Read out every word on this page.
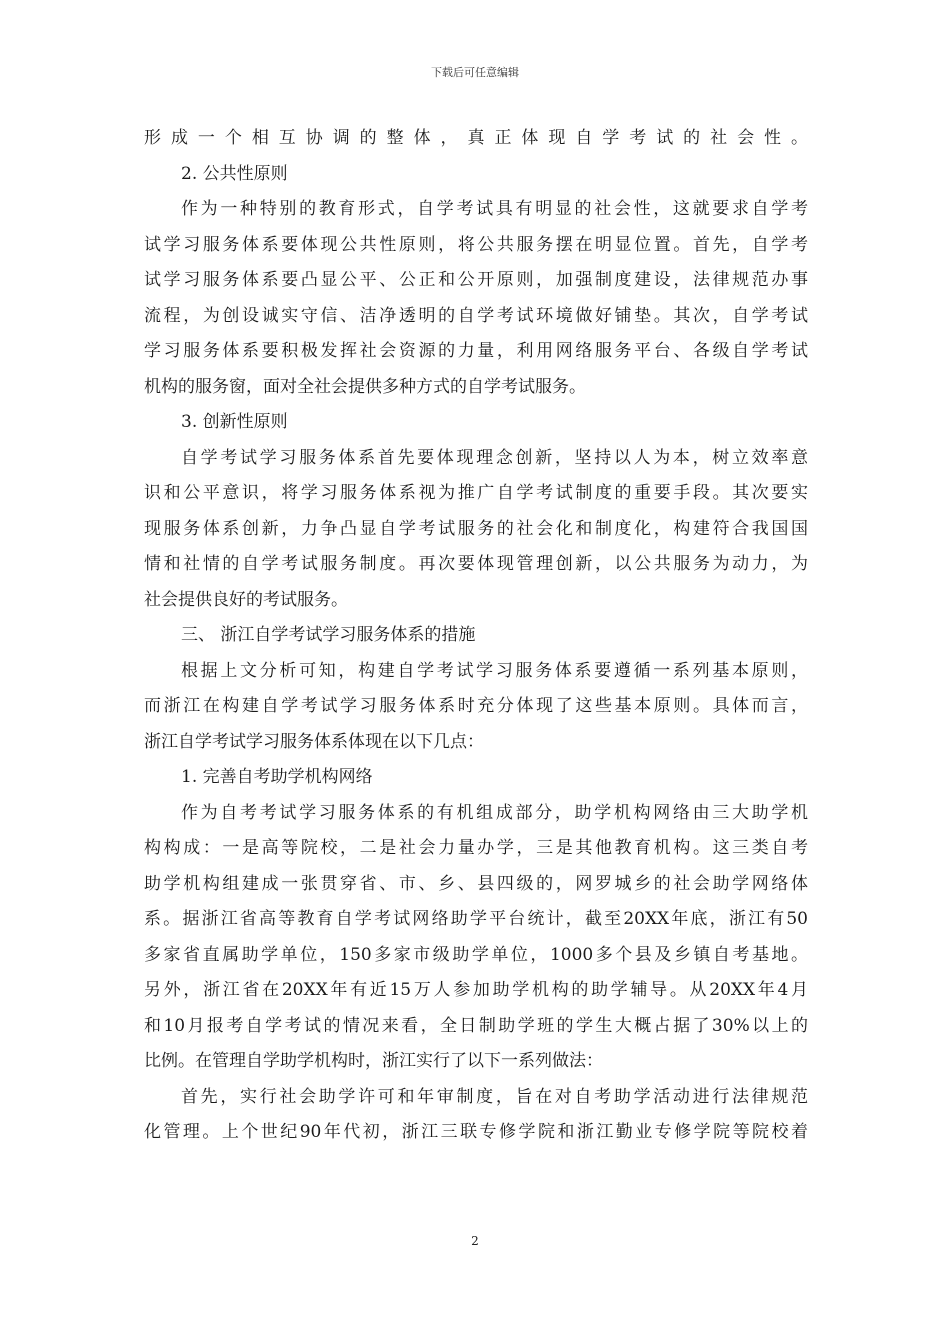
下载后可任意编辑
形成一个相互协调的整体，真正体现自学考试的社会性。
2. 公共性原则
作为一种特别的教育形式，自学考试具有明显的社会性，这就要求自学考
试学习服务体系要体现公共性原则，将公共服务摆在明显位置。首先，自学考
试学习服务体系要凸显公平、公正和公开原则，加强制度建设，法律规范办事
流程，为创设诚实守信、洁净透明的自学考试环境做好铺垫。其次，自学考试
学习服务体系要积极发挥社会资源的力量，利用网络服务平台、各级自学考试
机构的服务窗，面对全社会提供多种方式的自学考试服务。
3. 创新性原则
自学考试学习服务体系首先要体现理念创新，坚持以人为本，树立效率意
识和公平意识，将学习服务体系视为推广自学考试制度的重要手段。其次要实
现服务体系创新，力争凸显自学考试服务的社会化和制度化，构建符合我国国
情和社情的自学考试服务制度。再次要体现管理创新，以公共服务为动力，为
社会提供良好的考试服务。
三、 浙江自学考试学习服务体系的措施
根据上文分析可知，构建自学考试学习服务体系要遵循一系列基本原则，
而浙江在构建自学考试学习服务体系时充分体现了这些基本原则。具体而言，
浙江自学考试学习服务体系体现在以下几点：
1. 完善自考助学机构网络
作为自考考试学习服务体系的有机组成部分，助学机构网络由三大助学机
构构成：一是高等院校，二是社会力量办学，三是其他教育机构。这三类自考
助学机构组建成一张贯穿省、市、乡、县四级的，网罗城乡的社会助学网络体
系。据浙江省高等教育自学考试网络助学平台统计，截至20XX年底，浙江有50
多家省直属助学单位，150多家市级助学单位，1000多个县及乡镇自考基地。
另外，浙江省在20XX年有近15万人参加助学机构的助学辅导。从20XX年4月
和10月报考自学考试的情况来看，全日制助学班的学生大概占据了30%以上的
比例。在管理自学助学机构时，浙江实行了以下一系列做法：
首先，实行社会助学许可和年审制度，旨在对自考助学活动进行法律规范
化管理。上个世纪90年代初，浙江三联专修学院和浙江勤业专修学院等院校着
2
